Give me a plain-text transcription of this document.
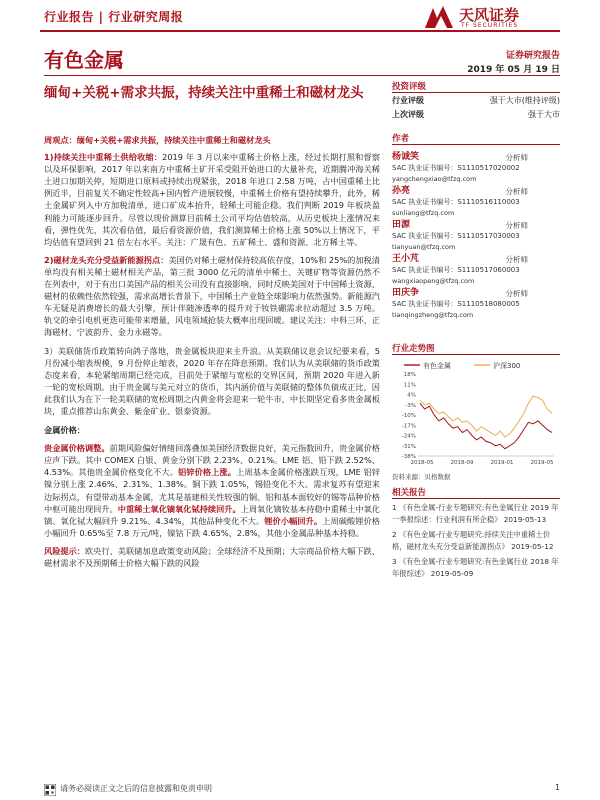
行业报告 | 行业研究周报	天风证券
TF SECURITIES
有色金属	证券研究报告
2019 年 05 月 19 日
缅甸+关税+需求共振，持续关注中重稀土和磁材龙头

周观点：缅甸+关税+需求共振，持续关注中重稀土和磁材龙头

1)持续关注中重稀土供给收缩：2019 年 3 月以来中重稀土价格上涨，经过长期打黑和督察以及环保影响，2017 年以来南方中重稀土矿开采受阻开始进口的大量补充，近期腾冲海关稀土进口加期关停，短期进口原料或持续出现紧张，2018 年进口 2.58 万吨，占中国重稀土比例近半，目前复关不确定性较高+国内暂产进展较慢，中重稀土价格有望持续攀升，此外，稀土金属矿列入中方加税清单，进口矿成本抬升，轻稀土可能企稳。我们判断 2019 年板块盈利能力可能逐步回升。尽管以现价测算目前稀土公司平均估值较高，从历史板块上涨情况来看，弹性优先，其次看估值，最后看资源价值，我们测算稀土价格上涨 50%以上情况下，平均估值有望回到 21 倍左右水平。关注：广晟有色、五矿稀土、盛和资源、北方稀土等。

2)磁材龙头充分受益新能源拐点：美国仍对稀土磁材保持较高依存度，10%和 25%的加税清单均没有相关稀土磁材相关产品，第三批 3000 亿元的清单中稀土、关键矿物等资源仍然不在列表中，对于有出口美国产品的相关公司没有直接影响，同时反映美国对于中国稀土资源、磁材的依赖性依然较强，需求高增长背景下，中国稀土产业链全球影响力依然强势。新能源汽车无疑是消费增长的最大引擎，预计伴随渗透率的提升对于钕铁硼需求拉动超过 3.5 万吨。轨交的牵引电机更迭可能带来增量，风电领域抢装大概率出现回暖。建议关注：中科三环、正海磁材、宁波韵升、金力永磁等。

3）美联储货币政策转向鸽子落地，贵金属板块迎来主升浪。从美联储议息会议纪要来看，5 月份减小缩表规模，9 月份停止缩表，2020 年存在降息预期。我们认为从美联储的货币政策态度来看，本轮紧缩周期已经完成，目前处于紧缩与宽松的交界区间，预期 2020 年进入新一轮的宽松周期。由于贵金属与美元对立的货币，其内涵价值与美联储的整体负债成正比，因此我们认为在下一轮美联储的宽松周期之内黄金将会迎来一轮牛市，中长期坚定看多贵金属板块，重点推荐山东黄金、紫金矿业、银泰资源。

金属价格：

贵金属价格调整。前期风险偏好情绪回落叠加美国经济数据良好，美元指数回升，贵金属价格应声下跌。其中 COMEX 白银、黄金分别下跌 2.23%、0.21%。LME 铝、铅下跌 2.52%、4.53%。其他贵金属价格变化不大。铝锌价格上涨。上周基本金属价格涨跌互现，LME 铝锌镍分别上涨 2.46%、2.31%、1.38%。铜下跌 1.05%，锡铅变化不大。需求复苏有望迎来边际拐点，有望带动基本金属，尤其是基建相关性较强的铜、铝和基本面较好的锡等品种价格中枢可能出现回升。中重稀土氧化镝氧化铽持续回升。上周氧化镝钕基本持稳中重稀土中氧化镝、氧化铽大幅回升 9.21%、4.34%，其他品种变化不大。锂价小幅回升。上周碳酸锂价格小幅回升 0.65%至 7.8 万元/吨，镍钴下跌 4.65%、2.8%，其他小金属品种基本持稳。

风险提示：欧央行、美联储加息政策变动风险；全球经济不及预期；大宗商品价格大幅下跌、磁材需求不及预期稀土价格大幅下跌的风险

投资评级
行业评级	强于大市(维持评级)
上次评级	强于大市
作者
杨诚笑	分析师
SAC 执业证书编号：S1110517020002
yangchengxiao@tfzq.com
孙亮	分析师
SAC 执业证书编号：S1110516110003
sunliang@tfzq.com
田源	分析师
SAC 执业证书编号：S1110517030003
tianyuan@tfzq.com
王小芃	分析师
SAC 执业证书编号：S1110517060003
wangxiaopeng@tfzq.com
田庆争	分析师
SAC 执业证书编号：S1110518080005
tianqingzheng@tfzq.com
行业走势图
有色金属	沪深300
18%
11%
4%
-3%
-10%
-17%
-24%
-31%
-38%
2018-05	2018-09	2019-01	2019-05
资料来源：贝格数据
相关报告
1 《有色金属-行业专题研究:有色金属行业 2019 年一季报综述：行业利润有所企稳》 2019-05-13
2 《有色金属-行业专题研究:持续关注中重稀土价格，磁材龙头充分受益新能源拐点》 2019-05-12
3 《有色金属-行业专题研究:有色金属行业 2018 年年报综述》 2019-05-09
请务必阅读正文之后的信息披露和免责申明	1
